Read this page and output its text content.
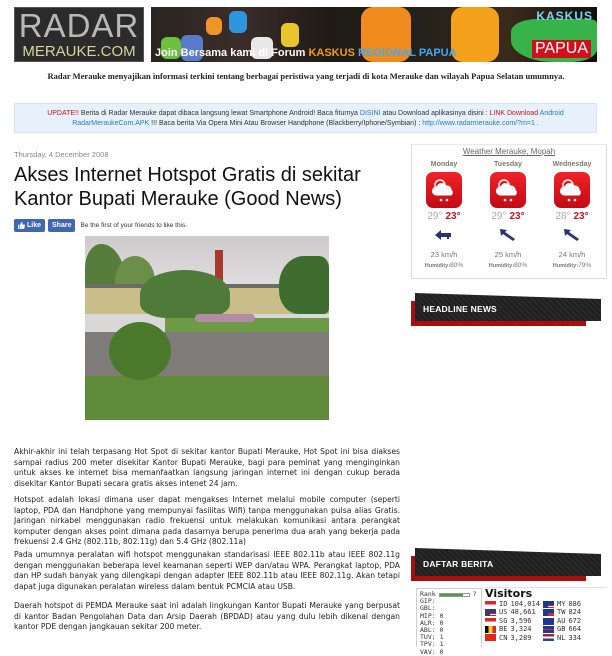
RADAR
MERAUKE.COM
KASKUS
Join Bersama kami di Forum KASKUS REGIONAL PAPUA	PAPUA
Radar Merauke menyajikan informasi terkini tentang berbagai peristiwa yang terjadi di kota Merauke dan wilayah Papua Selatan umumnya.
UPDATE!! Berita di Radar Merauke dapat dibaca langsung lewat Smartphone Android! Baca fiturnya DISINI atau Download aplikasinya disini : LINK Download Android RadarMeraukeCom.APK !!! Baca berita Via Opera Mini Atau Browser Handphone (Blackberry/Iphone/Symbian) : http://www.radarmerauke.com/?m=1 .
Thursday, 4 December 2008
Akses Internet Hotspot Gratis di sekitar Kantor Bupati Merauke (Good News)
Like	Share	Be the first of your friends to like this.

Akhir-akhir ini telah terpasang Hot Spot di sekitar kantor Bupati Merauke, Hot Spot ini bisa diakses sampai radius 200 meter disekitar Kantor Bupati Merauke, bagi para peminat yang menginginkan untuk akses ke internet bisa memanfaatkan langsung jaringan internet ini dengan cukup berada disekitar Kantor Bupati secara gratis akses intenet 24 jam.

Hotspot adalah lokasi dimana user dapat mengakses Internet melalui mobile computer (seperti laptop, PDA dan Handphone yang mempunyai fasilitas Wifi) tanpa menggunakan pulsa alias Gratis. Jaringan nirkabel menggunakan radio frekuensi untuk melakukan komunikasi antara perangkat komputer dengan akses point dimana pada dasarnya berupa penerima dua arah yang bekerja pada frekuensi 2.4 GHz (802.11b, 802.11g) dan 5.4 GHz (802.11a)

Pada umumnya peralatan wifi hotspot menggunakan standarisasi IEEE 802.11b atau IEEE 802.11g dengan menggunakan beberapa level keamanan seperti WEP dan/atau WPA. Perangkat laptop, PDA dan HP sudah banyak yang dilengkapi dengan adapter IEEE 802.11b atau IEEE 802.11g. Akan tetapi dapat juga digunakan peralatan wireless dalam bentuk PCMCIA atau USB.

Daerah hotspot di PEMDA Merauke saat ini adalah lingkungan Kantor Bupati Merauke yang berpusat di kantor Badan Pengolahan Data dan Arsip Daerah (BPDAD) atau yang dulu lebih dikenal dengan kantor PDE dengan jangkauan sekitar 200 meter.

Weather Merauke, Mopah
Monday
29° 23°
23 km/h
Humidity:80%
Tuesday
29° 23°
25 km/h
Humidity:80%
Wednesday
28° 23°
24 km/h
Humidity:79%
HEADLINE NEWS
DAFTAR BERITA
Rank	?
GIP:
GBL:
MIP: 0
ALR: 0
ABL: 0
TUV: 1
TPV: 1
VAV: 0
Visitors
ID 104,014 MY 886
US 48,661	TW 824
SG 3,596	AU 672
BE 3,324	GB 664
CN 3,289	NL 334
